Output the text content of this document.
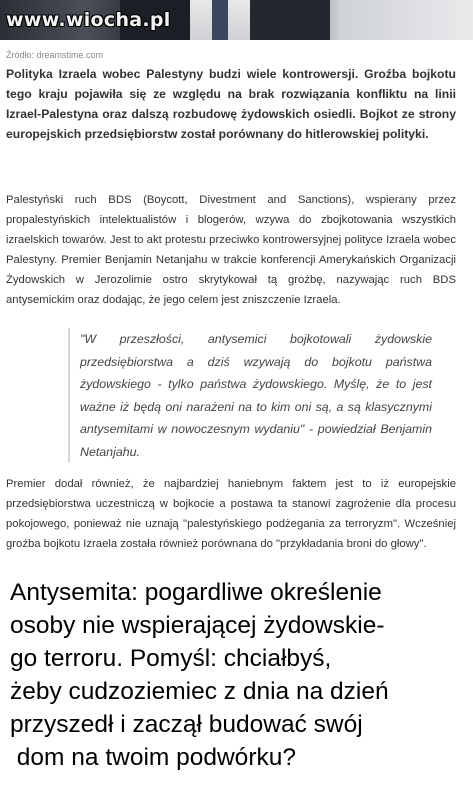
www.wiocha.pl
Źródło: dreamstime.com

Polityka Izraela wobec Palestyny budzi wiele kontrowersji. Groźba bojkotu tego kraju pojawiła się ze względu na brak rozwiązania konfliktu na linii Izrael-Palestyna oraz dalszą rozbudowę żydowskich osiedli. Bojkot ze strony europejskich przedsiębiorstw został porównany do hitlerowskiej polityki.

Palestyński ruch BDS (Boycott, Divestment and Sanctions), wspierany przez propalestyńskich intelektualistów i blogerów, wzywa do zbojkotowania wszystkich izraelskich towarów. Jest to akt protestu przeciwko kontrowersyjnej polityce Izraela wobec Palestyny. Premier Benjamin Netanjahu w trakcie konferencji Amerykańskich Organizacji Żydowskich w Jerozolimie ostro skrytykował tą groźbę, nazywając ruch BDS antysemickim oraz dodając, że jego celem jest zniszczenie Izraela.

"W przeszłości, antysemici bojkotowali żydowskie przedsiębiorstwa a dziś wzywają do bojkotu państwa żydowskiego - tylko państwa żydowskiego. Myślę, że to jest ważne iż będą oni narażeni na to kim oni są, a są klasycznymi antysemitami w nowoczesnym wydaniu" - powiedział Benjamin Netanjahu.

Premier dodał również, że najbardziej haniebnym faktem jest to iż europejskie przedsiębiorstwa uczestniczą w bojkocie a postawa ta stanowi zagrożenie dla procesu pokojowego, ponieważ nie uznają "palestyńskiego podżegania za terroryzm". Wcześniej groźba bojkotu Izraela została również porównana do "przykładania broni do głowy".

Antysemita: pogardliwe określenie
osoby nie wspierającej żydowskie-
go terroru. Pomyśl: chciałbyś,
żeby cudzoziemiec z dnia na dzień
przyszedł i zaczął budować swój
dom na twoim podwórku?
